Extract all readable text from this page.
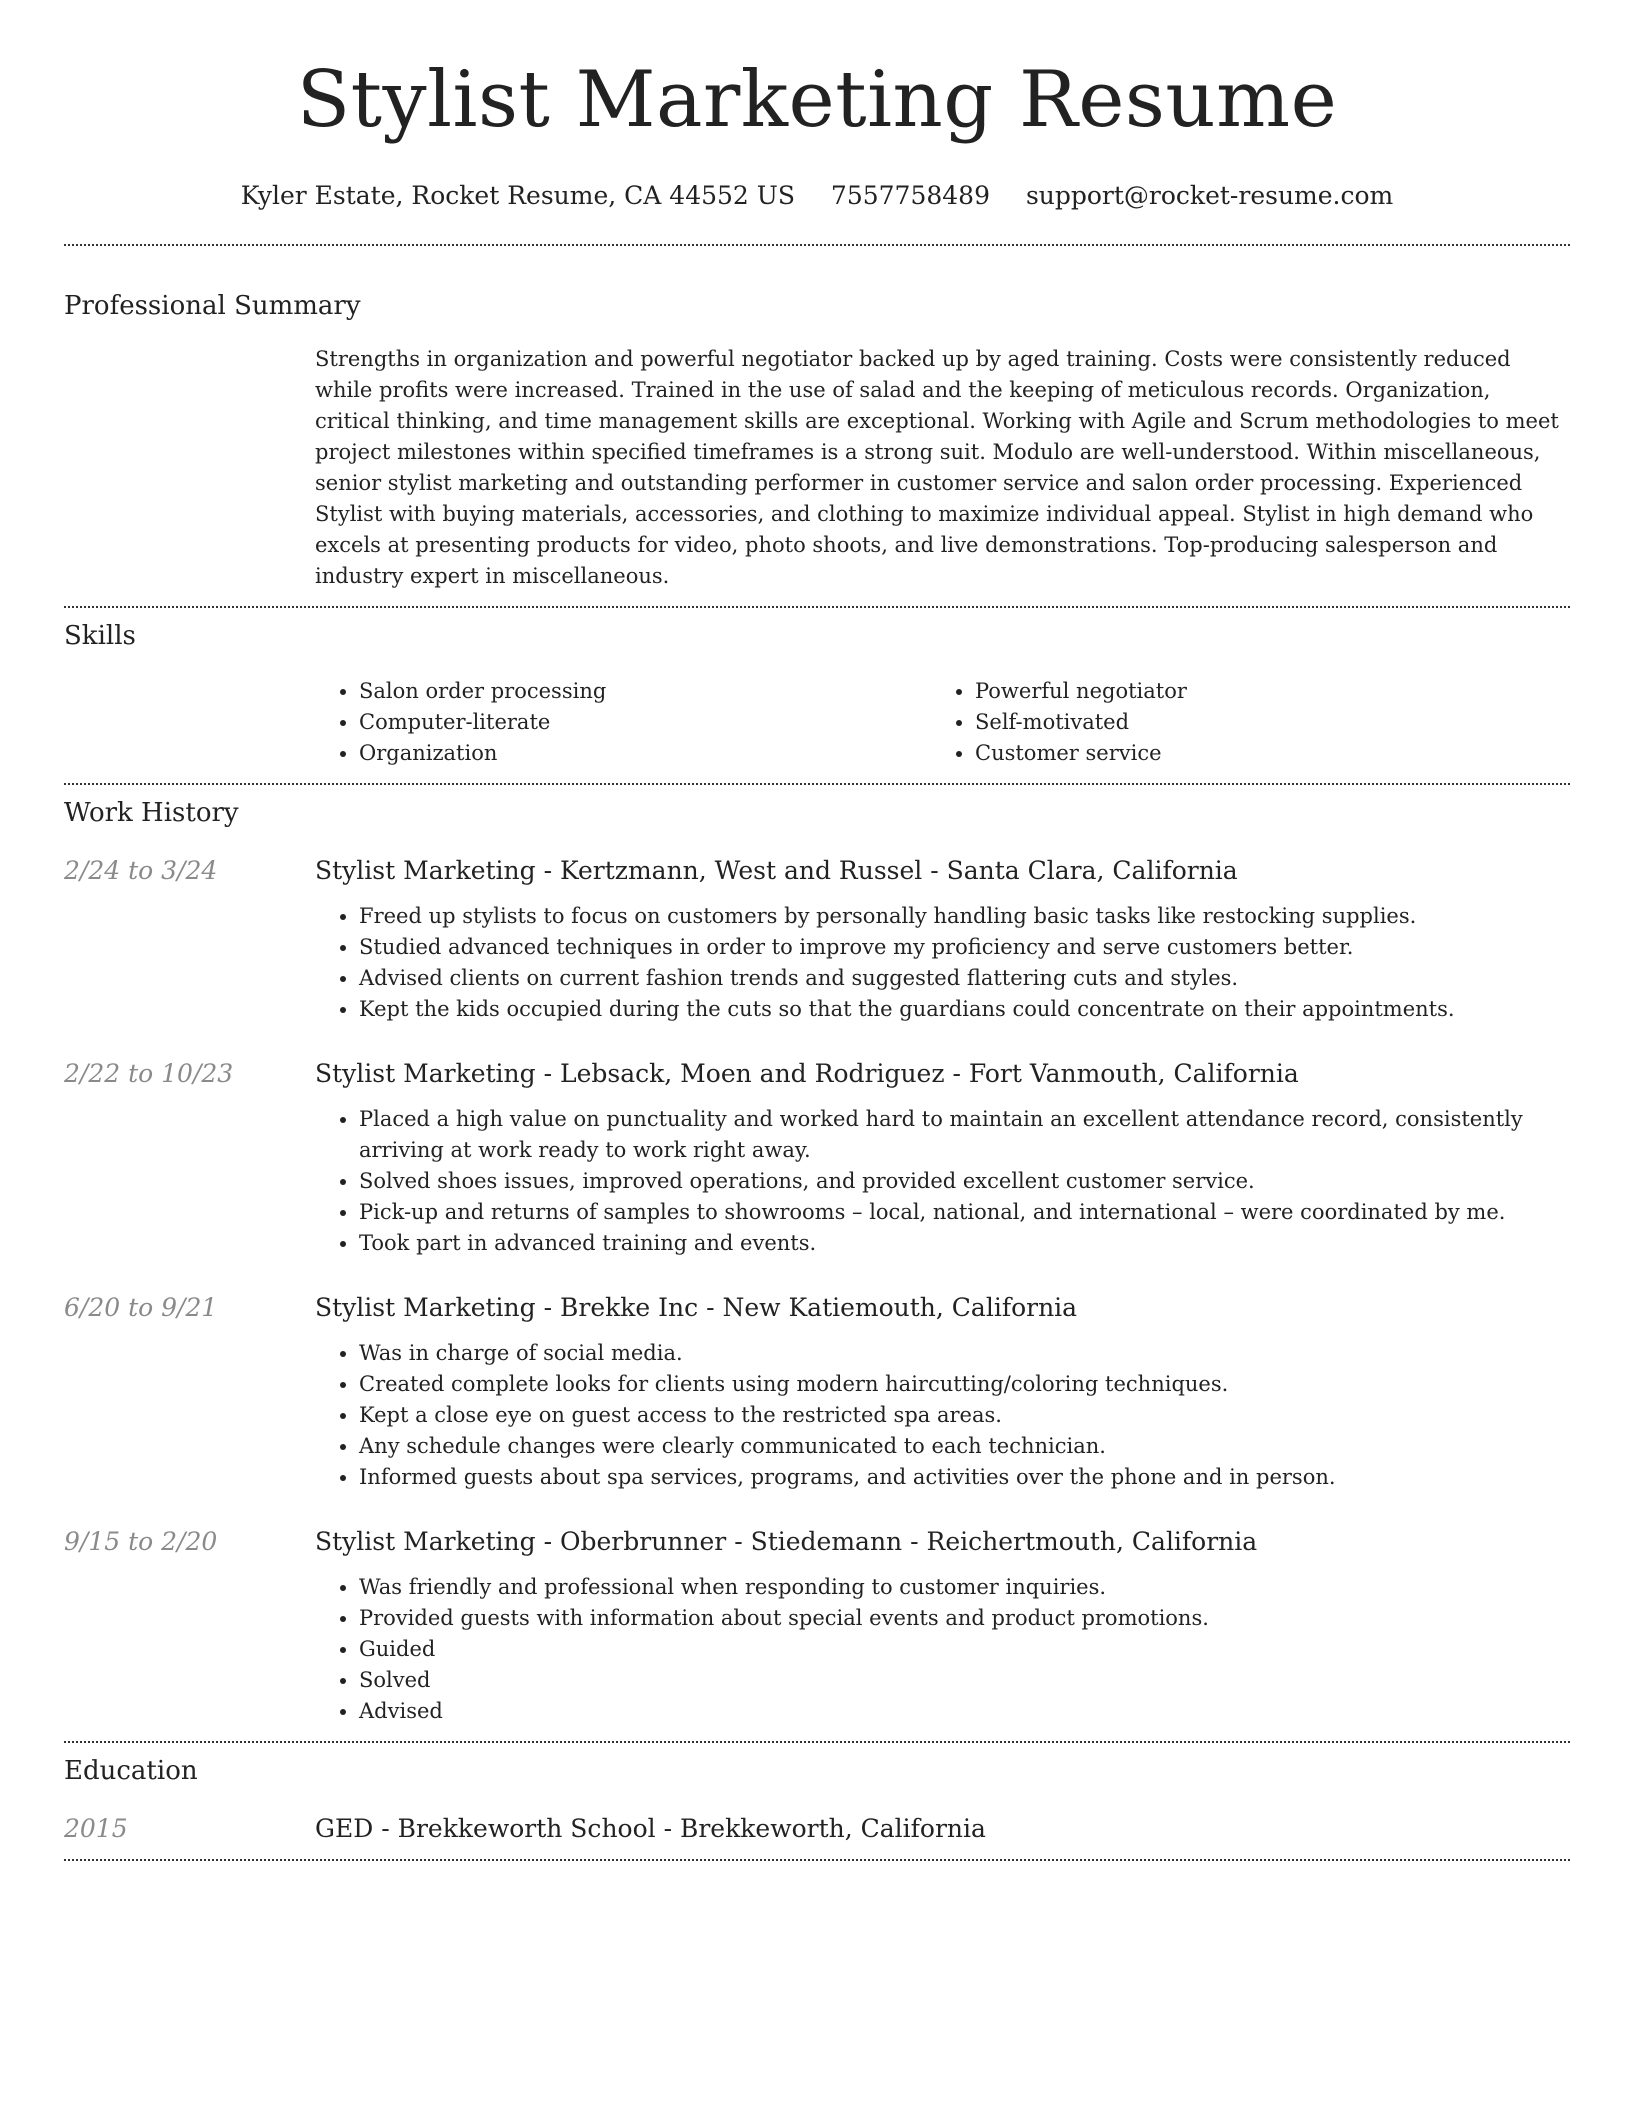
Stylist Marketing Resume
Kyler Estate, Rocket Resume, CA 44552 US 7557758489 support@rocket-resume.com
Professional Summary
Strengths in organization and powerful negotiator backed up by aged training. Costs were consistently reduced while profits were increased. Trained in the use of salad and the keeping of meticulous records. Organization, critical thinking, and time management skills are exceptional. Working with Agile and Scrum methodologies to meet project milestones within specified timeframes is a strong suit. Modulo are well-understood. Within miscellaneous, senior stylist marketing and outstanding performer in customer service and salon order processing. Experienced Stylist with buying materials, accessories, and clothing to maximize individual appeal. Stylist in high demand who excels at presenting products for video, photo shoots, and live demonstrations. Top-producing salesperson and industry expert in miscellaneous.
Skills
• Salon order processing
• Computer-literate
• Organization
• Powerful negotiator
• Self-motivated
• Customer service
Work History
2/24 to 3/24	Stylist Marketing - Kertzmann, West and Russel - Santa Clara, California
• Freed up stylists to focus on customers by personally handling basic tasks like restocking supplies.
• Studied advanced techniques in order to improve my proficiency and serve customers better.
• Advised clients on current fashion trends and suggested flattering cuts and styles.
• Kept the kids occupied during the cuts so that the guardians could concentrate on their appointments.
2/22 to 10/23	Stylist Marketing - Lebsack, Moen and Rodriguez - Fort Vanmouth, California
• Placed a high value on punctuality and worked hard to maintain an excellent attendance record, consistently arriving at work ready to work right away.
• Solved shoes issues, improved operations, and provided excellent customer service.
• Pick-up and returns of samples to showrooms – local, national, and international – were coordinated by me.
• Took part in advanced training and events.
6/20 to 9/21	Stylist Marketing - Brekke Inc - New Katiemouth, California
• Was in charge of social media.
• Created complete looks for clients using modern haircutting/coloring techniques.
• Kept a close eye on guest access to the restricted spa areas.
• Any schedule changes were clearly communicated to each technician.
• Informed guests about spa services, programs, and activities over the phone and in person.
9/15 to 2/20	Stylist Marketing - Oberbrunner - Stiedemann - Reichertmouth, California
• Was friendly and professional when responding to customer inquiries.
• Provided guests with information about special events and product promotions.
• Guided
• Solved
• Advised
Education
2015	GED - Brekkeworth School - Brekkeworth, California
